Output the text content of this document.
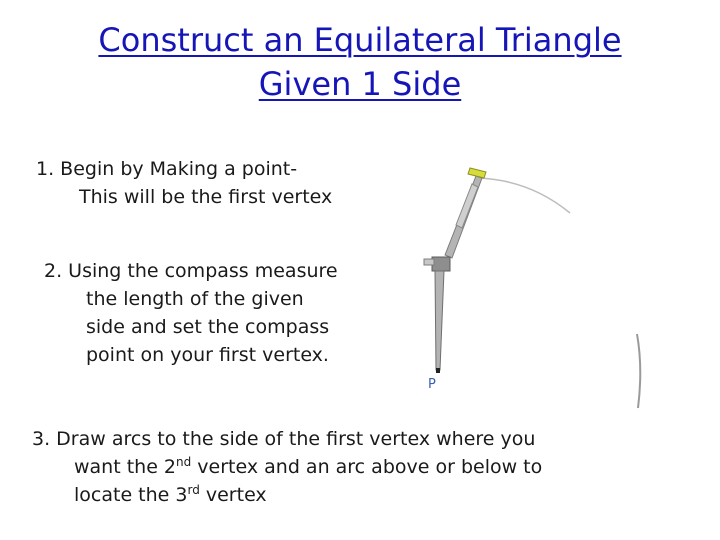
Construct an Equilateral Triangle
Given 1 Side
1. Begin by Making a point-
This will be the first vertex
2. Using the compass measure
the length of the given
side and set the compass
point on your first vertex.
P
3. Draw arcs to the side of the first vertex where you
want the 2nd vertex and an arc above or below to
locate the 3rd vertex
